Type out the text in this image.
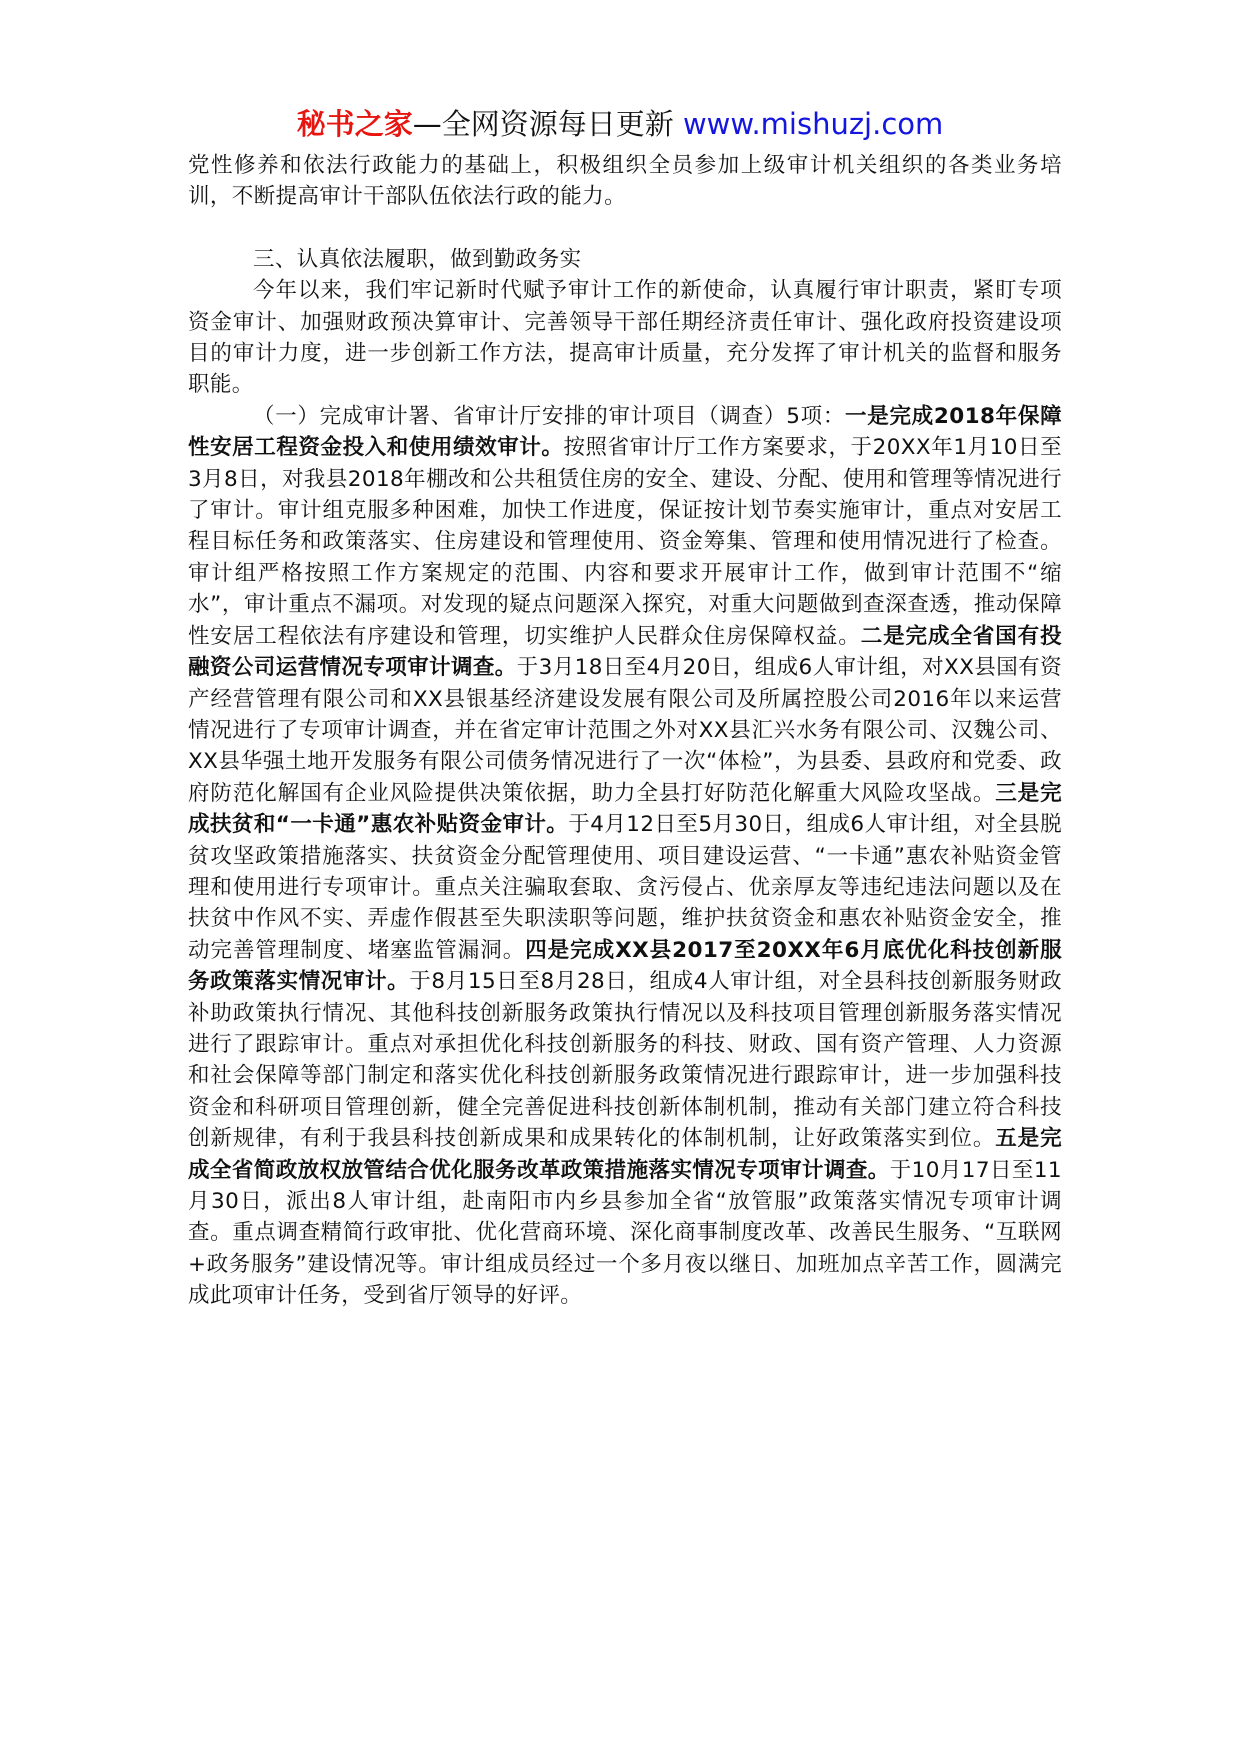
秘书之家—全网资源每日更新 www.mishuzj.com

党性修养和依法行政能力的基础上，积极组织全员参加上级审计机关组织的各类业务培训，不断提高审计干部队伍依法行政的能力。

三、认真依法履职，做到勤政务实

今年以来，我们牢记新时代赋予审计工作的新使命，认真履行审计职责，紧盯专项资金审计、加强财政预决算审计、完善领导干部任期经济责任审计、强化政府投资建设项目的审计力度，进一步创新工作方法，提高审计质量，充分发挥了审计机关的监督和服务职能。

（一）完成审计署、省审计厅安排的审计项目（调查）5项：一是完成2018年保障性安居工程资金投入和使用绩效审计。按照省审计厅工作方案要求，于20XX年1月10日至3月8日，对我县2018年棚改和公共租赁住房的安全、建设、分配、使用和管理等情况进行了审计。审计组克服多种困难，加快工作进度，保证按计划节奏实施审计，重点对安居工程目标任务和政策落实、住房建设和管理使用、资金筹集、管理和使用情况进行了检查。审计组严格按照工作方案规定的范围、内容和要求开展审计工作，做到审计范围不“缩水”，审计重点不漏项。对发现的疑点问题深入探究，对重大问题做到查深查透，推动保障性安居工程依法有序建设和管理，切实维护人民群众住房保障权益。二是完成全省国有投融资公司运营情况专项审计调查。于3月18日至4月20日，组成6人审计组，对XX县国有资产经营管理有限公司和XX县银基经济建设发展有限公司及所属控股公司2016年以来运营情况进行了专项审计调查，并在省定审计范围之外对XX县汇兴水务有限公司、汉魏公司、XX县华强土地开发服务有限公司债务情况进行了一次“体检”，为县委、县政府和党委、政府防范化解国有企业风险提供决策依据，助力全县打好防范化解重大风险攻坚战。三是完成扶贫和“一卡通”惠农补贴资金审计。于4月12日至5月30日，组成6人审计组，对全县脱贫攻坚政策措施落实、扶贫资金分配管理使用、项目建设运营、“一卡通”惠农补贴资金管理和使用进行专项审计。重点关注骗取套取、贪污侵占、优亲厚友等违纪违法问题以及在扶贫中作风不实、弄虚作假甚至失职渎职等问题，维护扶贫资金和惠农补贴资金安全，推动完善管理制度、堵塞监管漏洞。四是完成XX县2017至20XX年6月底优化科技创新服务政策落实情况审计。于8月15日至8月28日，组成4人审计组，对全县科技创新服务财政补助政策执行情况、其他科技创新服务政策执行情况以及科技项目管理创新服务落实情况进行了跟踪审计。重点对承担优化科技创新服务的科技、财政、国有资产管理、人力资源和社会保障等部门制定和落实优化科技创新服务政策情况进行跟踪审计，进一步加强科技资金和科研项目管理创新，健全完善促进科技创新体制机制，推动有关部门建立符合科技创新规律，有利于我县科技创新成果和成果转化的体制机制，让好政策落实到位。五是完成全省简政放权放管结合优化服务改革政策措施落实情况专项审计调查。于10月17日至11月30日，派出8人审计组，赴南阳市内乡县参加全省“放管服”政策落实情况专项审计调查。重点调查精简行政审批、优化营商环境、深化商事制度改革、改善民生服务、“互联网+政务服务”建设情况等。审计组成员经过一个多月夜以继日、加班加点辛苦工作，圆满完成此项审计任务，受到省厅领导的好评。
